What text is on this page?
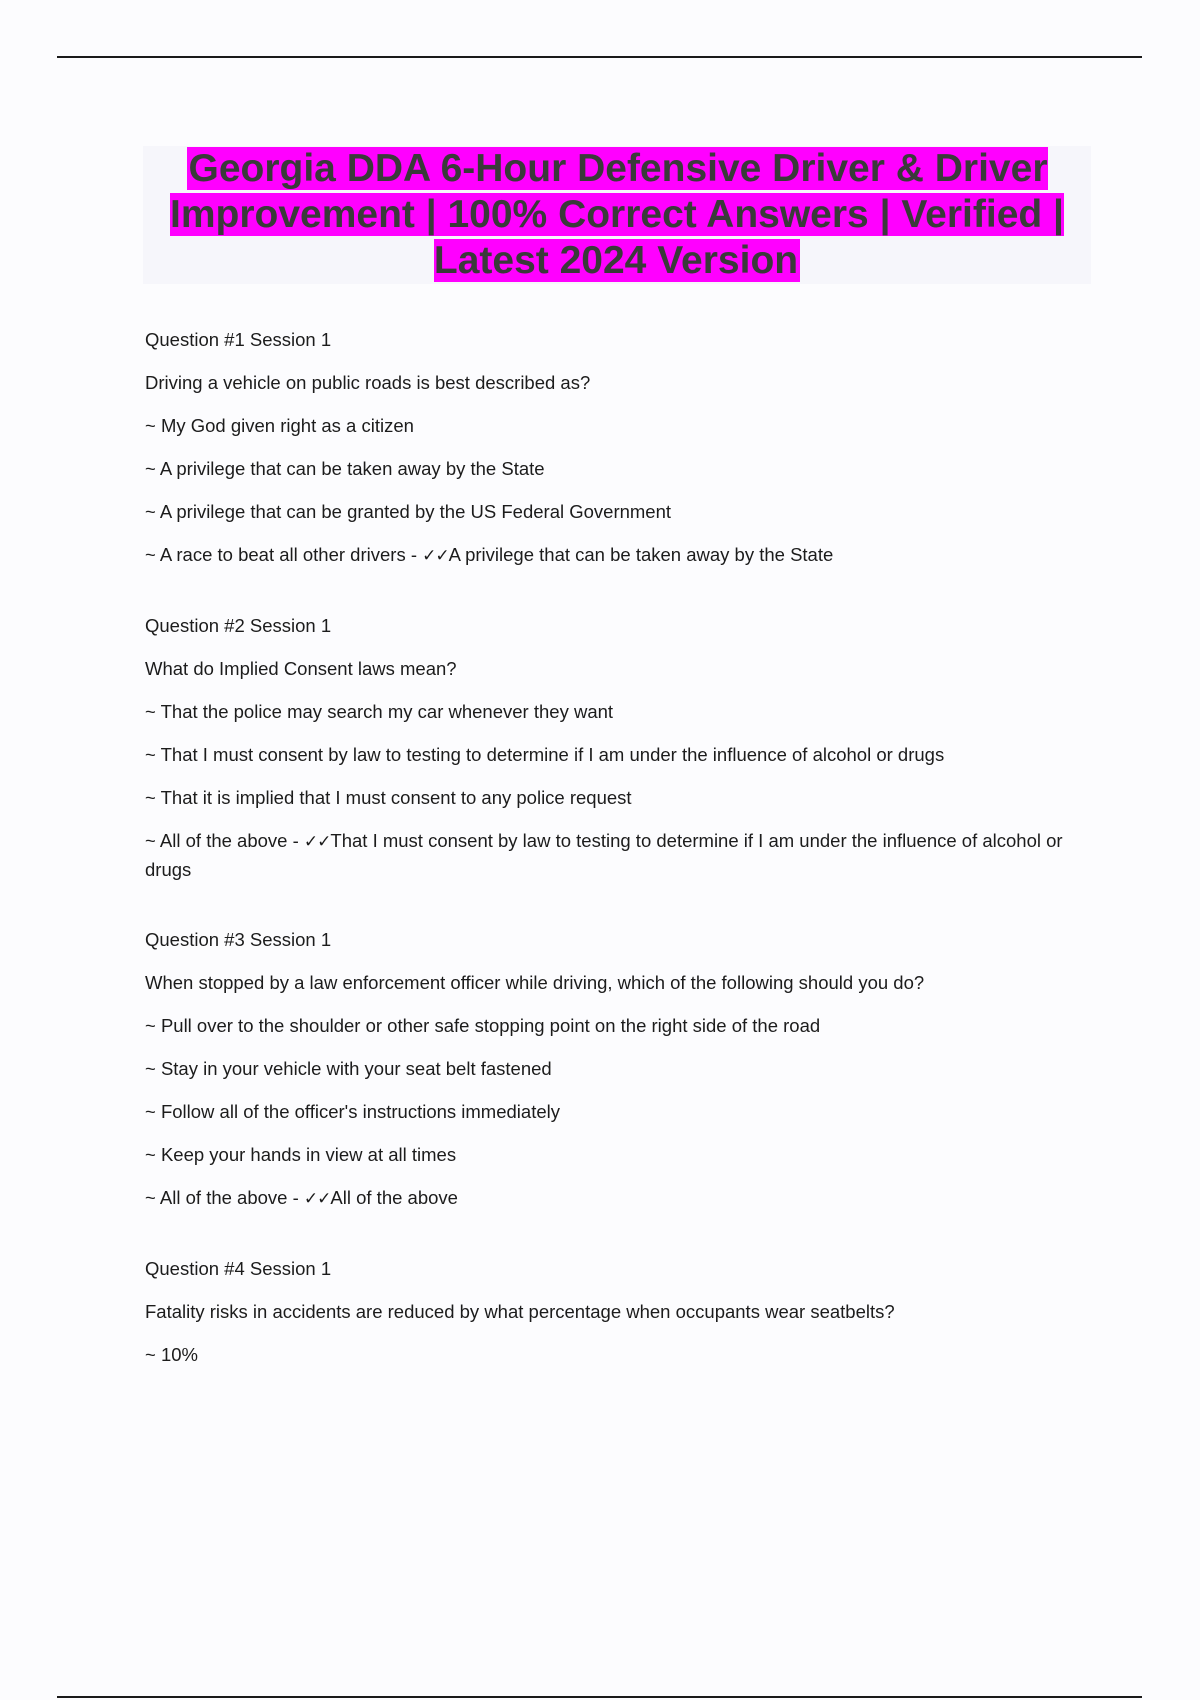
Georgia DDA 6-Hour Defensive Driver & Driver Improvement | 100% Correct Answers | Verified | Latest 2024 Version
Question #1 Session 1
Driving a vehicle on public roads is best described as?
~ My God given right as a citizen
~ A privilege that can be taken away by the State
~ A privilege that can be granted by the US Federal Government
~ A race to beat all other drivers - ✓✓A privilege that can be taken away by the State
Question #2 Session 1
What do Implied Consent laws mean?
~ That the police may search my car whenever they want
~ That I must consent by law to testing to determine if I am under the influence of alcohol or drugs
~ That it is implied that I must consent to any police request
~ All of the above - ✓✓That I must consent by law to testing to determine if I am under the influence of alcohol or drugs
Question #3 Session 1
When stopped by a law enforcement officer while driving, which of the following should you do?
~ Pull over to the shoulder or other safe stopping point on the right side of the road
~ Stay in your vehicle with your seat belt fastened
~ Follow all of the officer's instructions immediately
~ Keep your hands in view at all times
~ All of the above - ✓✓All of the above
Question #4 Session 1
Fatality risks in accidents are reduced by what percentage when occupants wear seatbelts?
~ 10%
